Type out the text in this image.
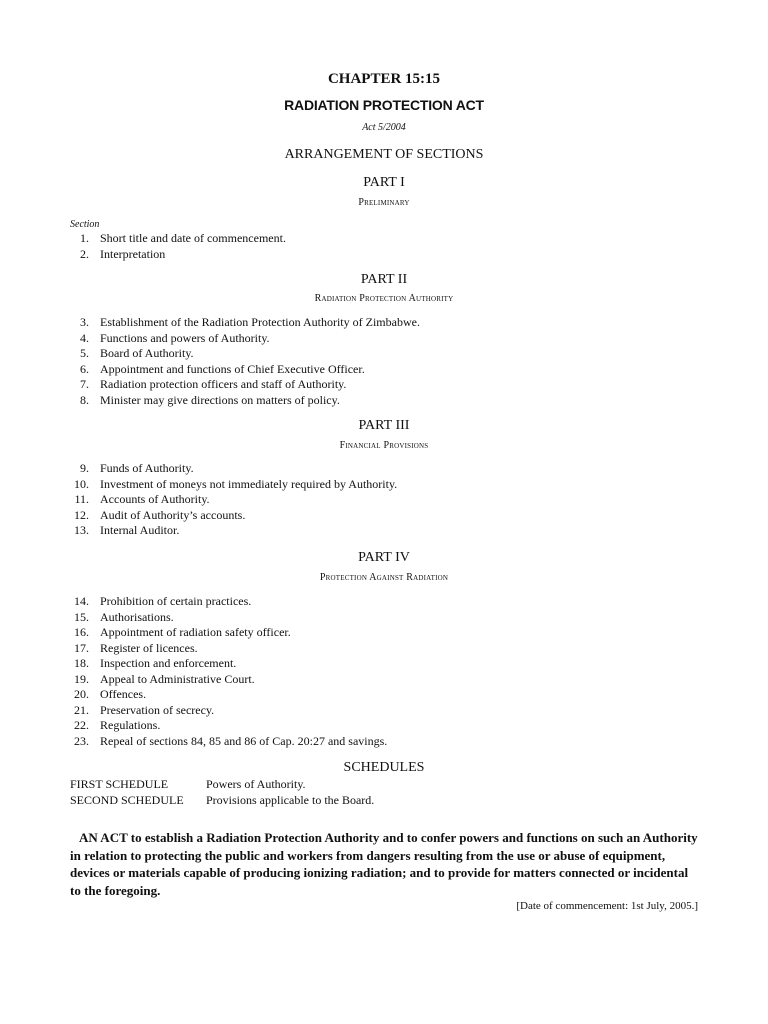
CHAPTER 15:15
RADIATION PROTECTION ACT
Act 5/2004
ARRANGEMENT OF SECTIONS
PART I
Preliminary
Section
1. Short title and date of commencement.
2. Interpretation
PART II
Radiation Protection Authority
3. Establishment of the Radiation Protection Authority of Zimbabwe.
4. Functions and powers of Authority.
5. Board of Authority.
6. Appointment and functions of Chief Executive Officer.
7. Radiation protection officers and staff of Authority.
8. Minister may give directions on matters of policy.
PART III
Financial Provisions
9. Funds of Authority.
10. Investment of moneys not immediately required by Authority.
11. Accounts of Authority.
12. Audit of Authority’s accounts.
13. Internal Auditor.
PART IV
Protection Against Radiation
14. Prohibition of certain practices.
15. Authorisations.
16. Appointment of radiation safety officer.
17. Register of licences.
18. Inspection and enforcement.
19. Appeal to Administrative Court.
20. Offences.
21. Preservation of secrecy.
22. Regulations.
23. Repeal of sections 84, 85 and 86 of Cap. 20:27 and savings.
SCHEDULES
FIRST SCHEDULE	Powers of Authority.
SECOND SCHEDULE Provisions applicable to the Board.
AN ACT to establish a Radiation Protection Authority and to confer powers and functions on such an Authority in relation to protecting the public and workers from dangers resulting from the use or abuse of equipment, devices or materials capable of producing ionizing radiation; and to provide for matters connected or incidental to the foregoing.
[Date of commencement: 1st July, 2005.]
